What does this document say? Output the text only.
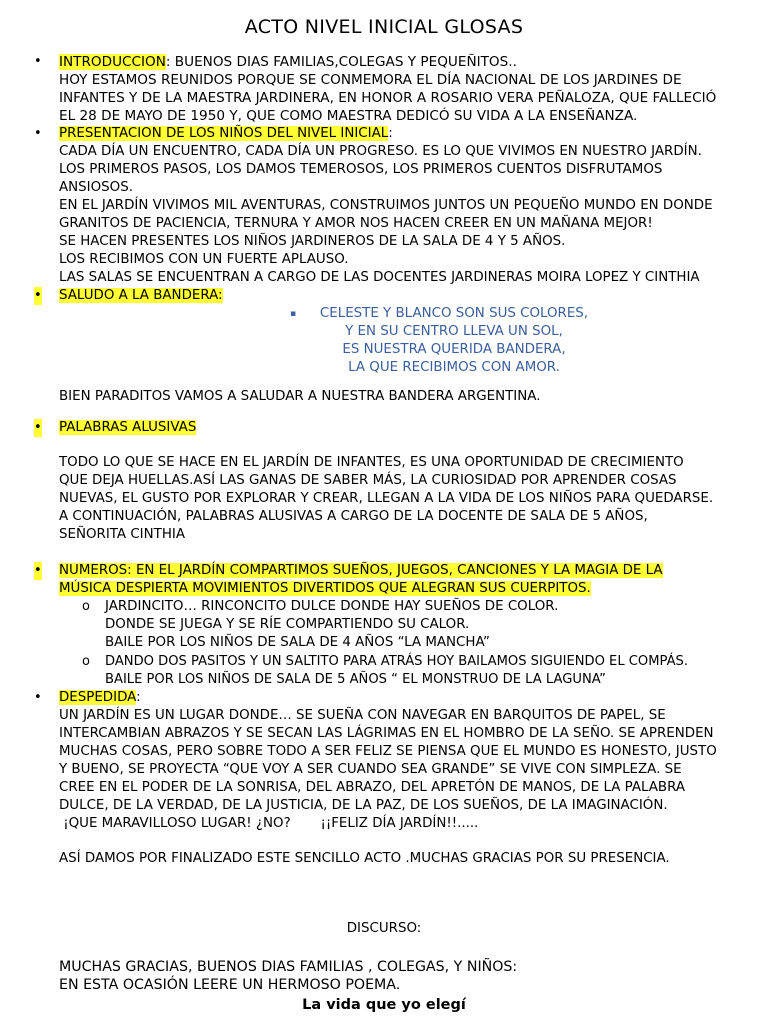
ACTO NIVEL INICIAL GLOSAS
• INTRODUCCION: BUENOS DIAS FAMILIAS,COLEGAS Y PEQUEÑITOS..
HOY ESTAMOS REUNIDOS PORQUE SE CONMEMORA EL DÍA NACIONAL DE LOS JARDINES DE
INFANTES Y DE LA MAESTRA JARDINERA, EN HONOR A ROSARIO VERA PEÑALOZA, QUE FALLECIÓ
EL 28 DE MAYO DE 1950 Y, QUE COMO MAESTRA DEDICÓ SU VIDA A LA ENSEÑANZA.
• PRESENTACION DE LOS NIÑOS DEL NIVEL INICIAL:
CADA DÍA UN ENCUENTRO, CADA DÍA UN PROGRESO. ES LO QUE VIVIMOS EN NUESTRO JARDÍN.
LOS PRIMEROS PASOS, LOS DAMOS TEMEROSOS, LOS PRIMEROS CUENTOS DISFRUTAMOS
ANSIOSOS.
EN EL JARDÍN VIVIMOS MIL AVENTURAS, CONSTRUIMOS JUNTOS UN PEQUEÑO MUNDO EN DONDE
GRANITOS DE PACIENCIA, TERNURA Y AMOR NOS HACEN CREER EN UN MAÑANA MEJOR!
SE HACEN PRESENTES LOS NIÑOS JARDINEROS DE LA SALA DE 4 Y 5 AÑOS.
LOS RECIBIMOS CON UN FUERTE APLAUSO.
LAS SALAS SE ENCUENTRAN A CARGO DE LAS DOCENTES JARDINERAS MOIRA LOPEZ Y CINTHIA
• SALUDO A LA BANDERA:
▪	CELESTE Y BLANCO SON SUS COLORES,
Y EN SU CENTRO LLEVA UN SOL,
ES NUESTRA QUERIDA BANDERA,
LA QUE RECIBIMOS CON AMOR.
BIEN PARADITOS VAMOS A SALUDAR A NUESTRA BANDERA ARGENTINA.
• PALABRAS ALUSIVAS
TODO LO QUE SE HACE EN EL JARDÍN DE INFANTES, ES UNA OPORTUNIDAD DE CRECIMIENTO
QUE DEJA HUELLAS.ASÍ LAS GANAS DE SABER MÁS, LA CURIOSIDAD POR APRENDER COSAS
NUEVAS, EL GUSTO POR EXPLORAR Y CREAR, LLEGAN A LA VIDA DE LOS NIÑOS PARA QUEDARSE.
A CONTINUACIÓN, PALABRAS ALUSIVAS A CARGO DE LA DOCENTE DE SALA DE 5 AÑOS,
SEÑORITA CINTHIA
• NUMEROS: EN EL JARDÍN COMPARTIMOS SUEÑOS, JUEGOS, CANCIONES Y LA MAGIA DE LA
MÚSICA DESPIERTA MOVIMIENTOS DIVERTIDOS QUE ALEGRAN SUS CUERPITOS.
o JARDINCITO… RINCONCITO DULCE DONDE HAY SUEÑOS DE COLOR.
DONDE SE JUEGA Y SE RÍE COMPARTIENDO SU CALOR.
BAILE POR LOS NIÑOS DE SALA DE 4 AÑOS “LA MANCHA”
o DANDO DOS PASITOS Y UN SALTITO PARA ATRÁS HOY BAILAMOS SIGUIENDO EL COMPÁS.
BAILE POR LOS NIÑOS DE SALA DE 5 AÑOS “ EL MONSTRUO DE LA LAGUNA”
• DESPEDIDA:
UN JARDÍN ES UN LUGAR DONDE… SE SUEÑA CON NAVEGAR EN BARQUITOS DE PAPEL, SE
INTERCAMBIAN ABRAZOS Y SE SECAN LAS LÁGRIMAS EN EL HOMBRO DE LA SEÑO. SE APRENDEN
MUCHAS COSAS, PERO SOBRE TODO A SER FELIZ SE PIENSA QUE EL MUNDO ES HONESTO, JUSTO
Y BUENO, SE PROYECTA “QUE VOY A SER CUANDO SEA GRANDE” SE VIVE CON SIMPLEZA. SE
CREE EN EL PODER DE LA SONRISA, DEL ABRAZO, DEL APRETÓN DE MANOS, DE LA PALABRA
DULCE, DE LA VERDAD, DE LA JUSTICIA, DE LA PAZ, DE LOS SUEÑOS, DE LA IMAGINACIÓN.
¡QUE MARAVILLOSO LUGAR! ¿NO?       ¡¡FELIZ DÍA JARDÍN!!.....
ASÍ DAMOS POR FINALIZADO ESTE SENCILLO ACTO .MUCHAS GRACIAS POR SU PRESENCIA.
DISCURSO:
MUCHAS GRACIAS, BUENOS DIAS FAMILIAS , COLEGAS, Y NIÑOS:
EN ESTA OCASIÓN LEERE UN HERMOSO POEMA.
La vida que yo elegí
